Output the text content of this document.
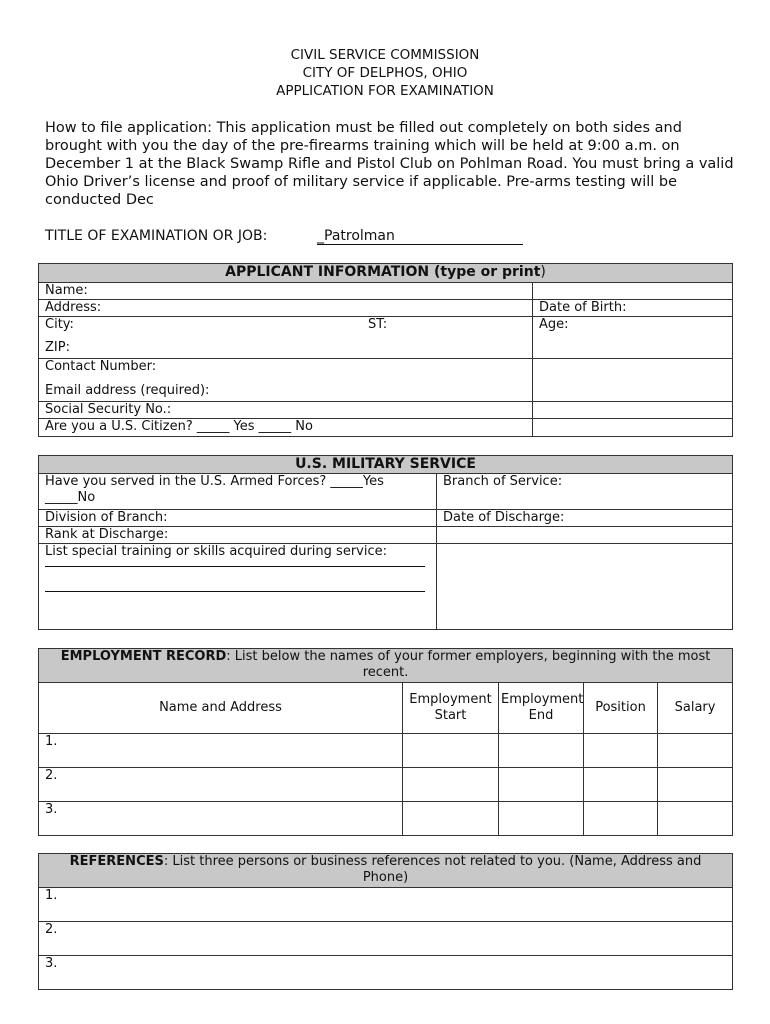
CIVIL SERVICE COMMISSION
CITY OF DELPHOS, OHIO
APPLICATION FOR EXAMINATION
How to file application: This application must be filled out completely on both sides and brought with you the day of the pre-firearms training which will be held at 9:00 a.m. on December 1 at the Black Swamp Rifle and Pistol Club on Pohlman Road. You must bring a valid Ohio Driver’s license and proof of military service if applicable. Pre-arms testing will be conducted Dec
TITLE OF EXAMINATION OR JOB:	_Patrolman
APPLICANT INFORMATION (type or print)	
Name:	
Address:	Date of Birth:

City: ST:
ZIP:	Age:

Contact Number:
Email address (required):	

Social Security No.:	
Are you a U.S. Citizen? _____ Yes _____ No	
U.S. MILITARY SERVICE	
Have you served in the U.S. Armed Forces? _____Yes _____No	Branch of Service:
Division of Branch:	Date of Discharge:
Rank at Discharge:	
List special training or skills acquired during service:

EMPLOYMENT RECORD: List below the names of your former employers, beginning with the most recent.				
Name and Address	Employment Start	Employment End	Position	Salary
1.				
2.				
3.				
REFERENCES: List three persons or business references not related to you. (Name, Address and Phone)
1.
2.
3.
